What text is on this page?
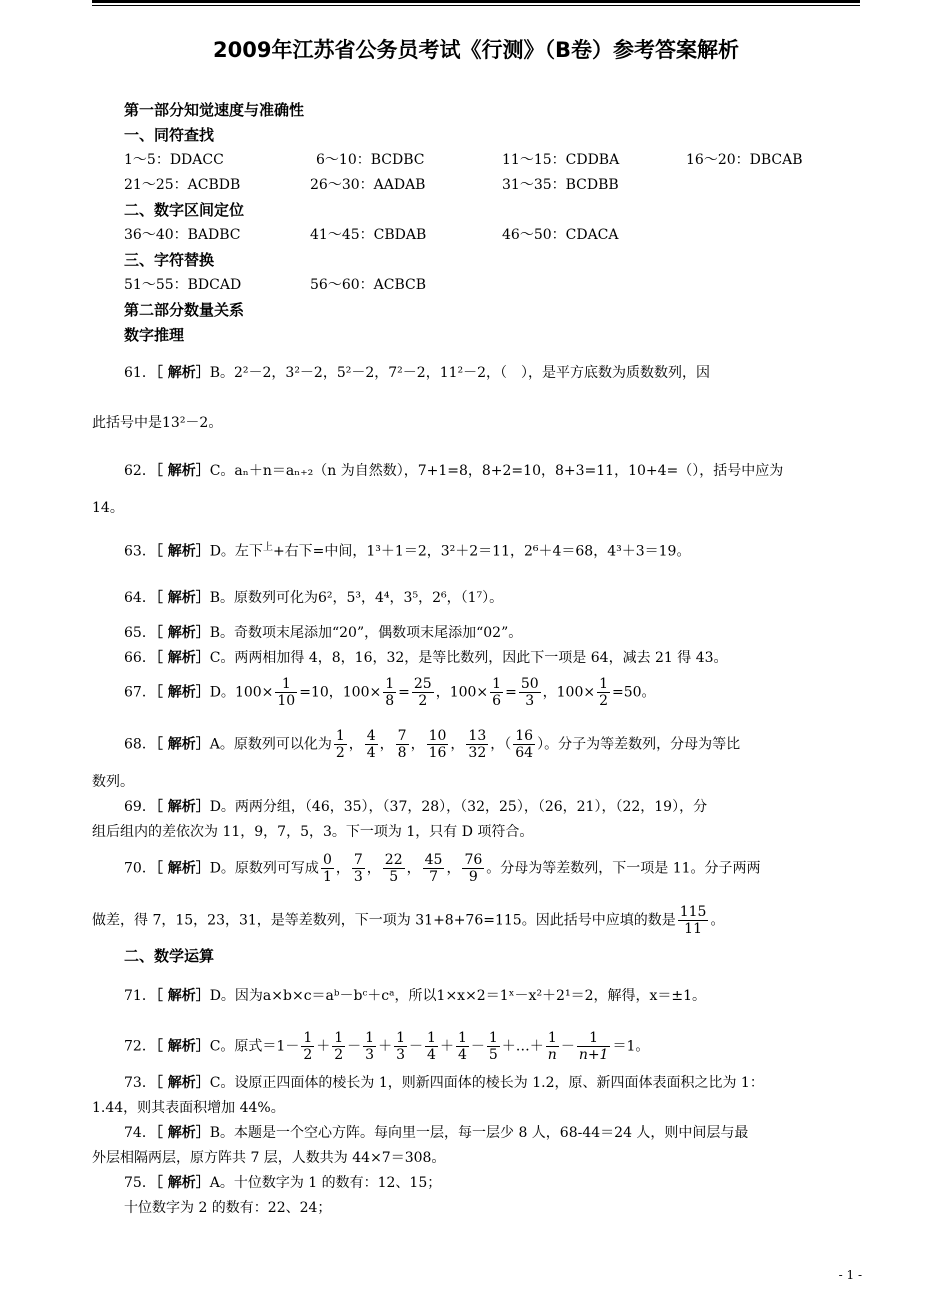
2009年江苏省公务员考试《行测》（B卷）参考答案解析
第一部分知觉速度与准确性
一、同符查找
1～5：DDACC	6～10：BCDBC	11～15：CDDBA	16～20：DBCAB
21～25：ACBDB	26～30：AADAB	31～35：BCDBB
二、数字区间定位
36～40：BADBC	41～45：CBDAB	46～50：CDACA
三、字符替换
51～55：BDCAD	56～60：ACBCB
第二部分数量关系
数字推理
61．［ 解析］B。2²－2，3²－2，5²－2，7²－2，11²－2，（　），是平方底数为质数数列，因
此括号中是13²－2。
62．［ 解析］C。aₙ＋n＝aₙ₊₂（n 为自然数），7+1=8，8+2=10，8+3=11，10+4=（），括号中应为
14。
63．［ 解析］D。左下$^上$+右下=中间，1³＋1＝2，3²＋2＝11，2⁶＋4＝68，4³＋3＝19。
64．［ 解析］B。原数列可化为6²，5³，4⁴，3⁵，2⁶，（1⁷）。
65．［ 解析］B。奇数项末尾添加“20”，偶数项末尾添加“02”。
66．［ 解析］C。两两相加得 4，8，16，32，是等比数列，因此下一项是 64，减去 21 得 43。
67．［ 解析］D。$100\times \frac{1}{10} =10$，$100\times \frac{1}{8} = \frac{25}{2}$ ，$100\times \frac{1}{6} = \frac{50}{3}$ ，$100\times \frac{1}{2} =50$。
68．［ 解析］A。原数列可以化为 $\frac{1}{2}$ ， $\frac{4}{4}$ ， $\frac{7}{8}$ ， $\frac{10}{16}$ ， $\frac{13}{32}$ ，（ $\frac{16}{64}$ ）。分子为等差数列，分母为等比
数列。
69．［ 解析］D。两两分组，（46，35），（37，28），（32，25），（26，21），（22，19），分
组后组内的差依次为 11，9，7，5，3。下一项为 1，只有 D 项符合。
70．［ 解析］D。原数列可写成 $\frac{0}{1}$ ， $\frac{7}{3}$ ， $\frac{22}{5}$ ， $\frac{45}{7}$ ， $\frac{76}{9}$ 。分母为等差数列，下一项是 11。分子两两
做差，得 7，15，23，31，是等差数列，下一项为 31+8+76=115。因此括号中应填的数是 $\frac{115}{11}$ 。
二、数学运算
71．［ 解析］D。因为a×b×c＝aᵇ－bᶜ＋cᵃ，所以1×x×2＝1ˣ－x²＋2¹＝2，解得，x＝±1。
72．［ 解析］C。原式$=1- \frac{1}{2} + \frac{1}{2} - \frac{1}{3} + \frac{1}{3} - \frac{1}{4} + \frac{1}{4} - \frac{1}{5}$ ＋…＋ $\frac{1}{n} - \frac{1}{n+1} =1$。
73．［ 解析］C。设原正四面体的棱长为 1，则新四面体的棱长为 1.2，原、新四面体表面积之比为 1：
1.44，则其表面积增加 44%。
74．［ 解析］B。本题是一个空心方阵。每向里一层，每一层少 8 人，68-44＝24 人，则中间层与最
外层相隔两层，原方阵共 7 层，人数共为 44×7＝308。
75．［ 解析］A。十位数字为 1 的数有：12、15；
十位数字为 2 的数有：22、24；
- 1 -
